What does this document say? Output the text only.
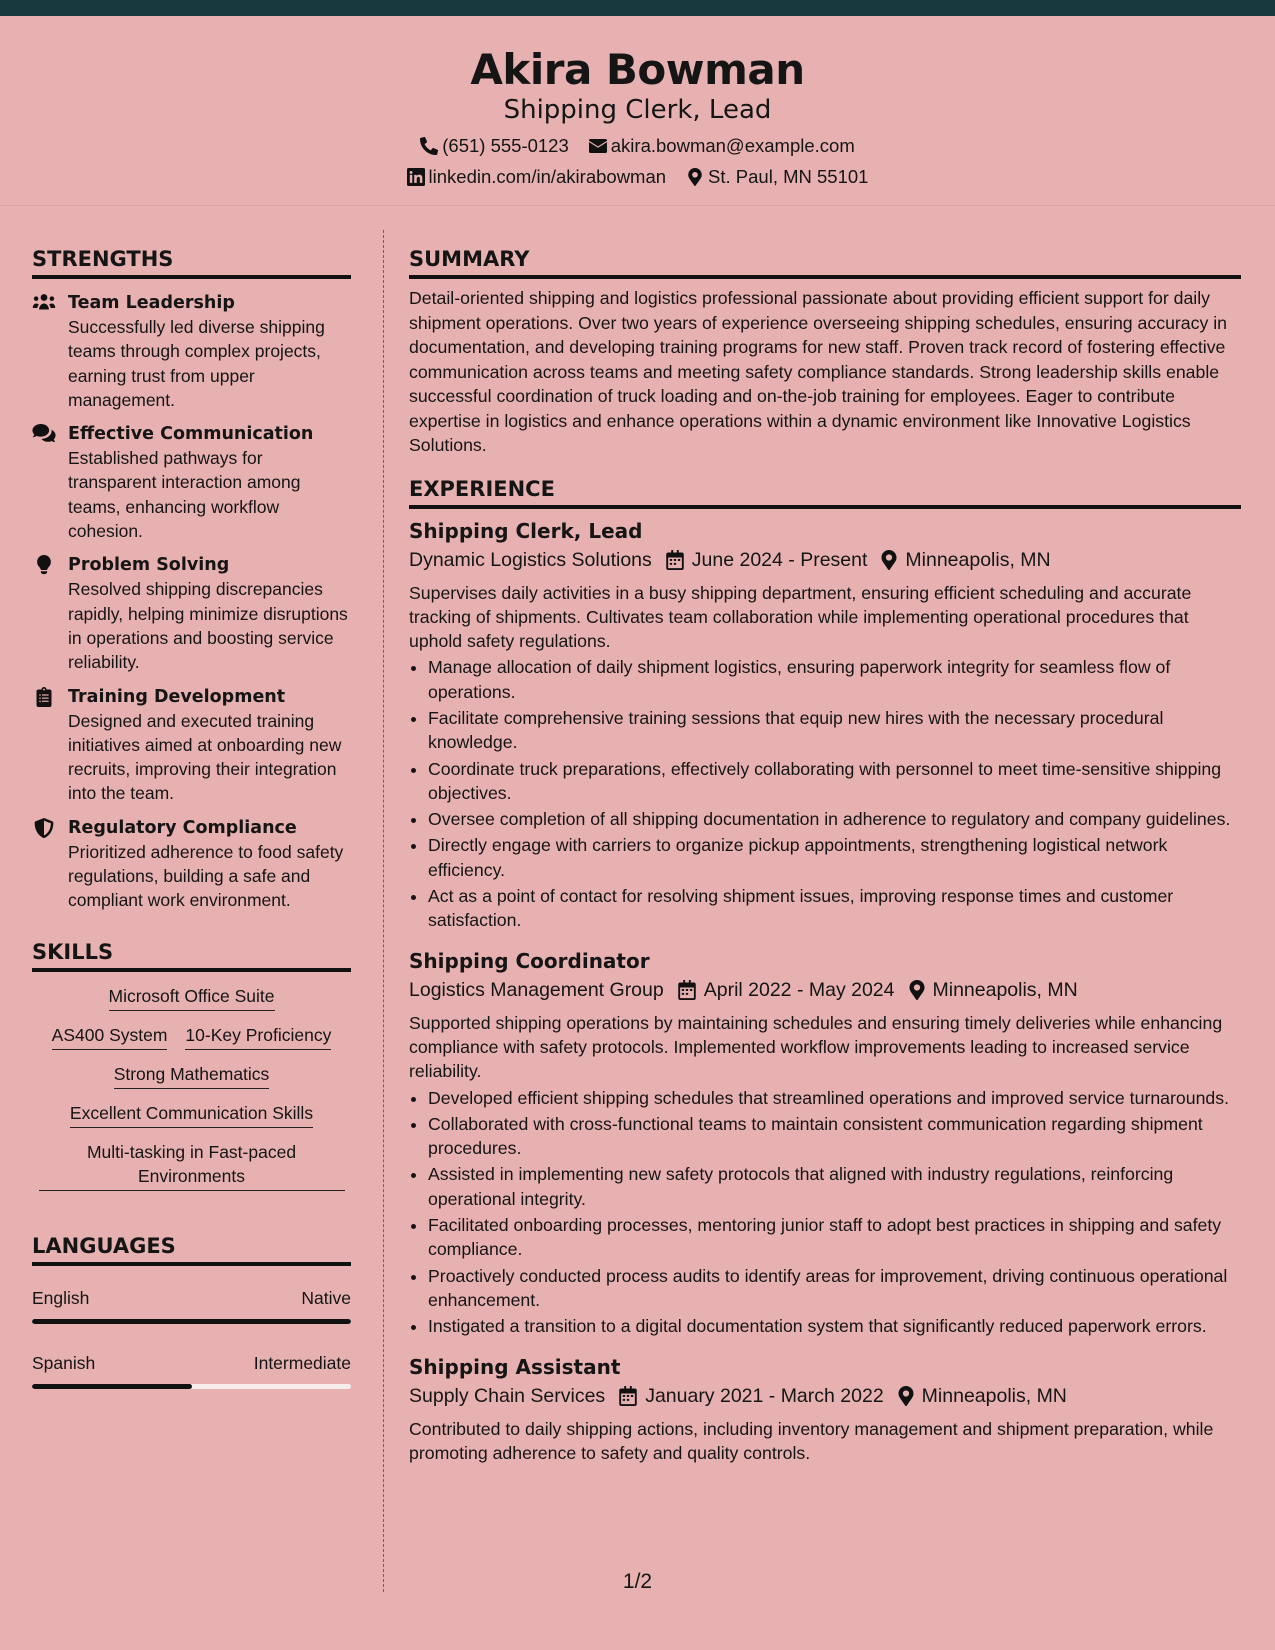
Akira Bowman
Shipping Clerk, Lead
(651) 555-0123 akira.bowman@example.com
linkedin.com/in/akirabowman St. Paul, MN 55101
STRENGTHS
Team Leadership
Successfully led diverse shipping teams through complex projects, earning trust from upper management.
Effective Communication
Established pathways for transparent interaction among teams, enhancing workflow cohesion.
Problem Solving
Resolved shipping discrepancies rapidly, helping minimize disruptions in operations and boosting service reliability.
Training Development
Designed and executed training initiatives aimed at onboarding new recruits, improving their integration into the team.
Regulatory Compliance
Prioritized adherence to food safety regulations, building a safe and compliant work environment.
SKILLS
Microsoft Office Suite
AS400 System 10-Key Proficiency
Strong Mathematics
Excellent Communication Skills
Multi-tasking in Fast-paced Environments
LANGUAGES
English	Native
Spanish	Intermediate
SUMMARY
Detail-oriented shipping and logistics professional passionate about providing efficient support for daily shipment operations. Over two years of experience overseeing shipping schedules, ensuring accuracy in documentation, and developing training programs for new staff. Proven track record of fostering effective communication across teams and meeting safety compliance standards. Strong leadership skills enable successful coordination of truck loading and on-the-job training for employees. Eager to contribute expertise in logistics and enhance operations within a dynamic environment like Innovative Logistics Solutions.
EXPERIENCE
Shipping Clerk, Lead
Dynamic Logistics Solutions June 2024 - Present Minneapolis, MN
Supervises daily activities in a busy shipping department, ensuring efficient scheduling and accurate tracking of shipments. Cultivates team collaboration while implementing operational procedures that uphold safety regulations.
• Manage allocation of daily shipment logistics, ensuring paperwork integrity for seamless flow of operations.
• Facilitate comprehensive training sessions that equip new hires with the necessary procedural knowledge.
• Coordinate truck preparations, effectively collaborating with personnel to meet time-sensitive shipping objectives.
• Oversee completion of all shipping documentation in adherence to regulatory and company guidelines.
• Directly engage with carriers to organize pickup appointments, strengthening logistical network efficiency.
• Act as a point of contact for resolving shipment issues, improving response times and customer satisfaction.
Shipping Coordinator
Logistics Management Group April 2022 - May 2024 Minneapolis, MN
Supported shipping operations by maintaining schedules and ensuring timely deliveries while enhancing compliance with safety protocols. Implemented workflow improvements leading to increased service reliability.
• Developed efficient shipping schedules that streamlined operations and improved service turnarounds.
• Collaborated with cross-functional teams to maintain consistent communication regarding shipment procedures.
• Assisted in implementing new safety protocols that aligned with industry regulations, reinforcing operational integrity.
• Facilitated onboarding processes, mentoring junior staff to adopt best practices in shipping and safety compliance.
• Proactively conducted process audits to identify areas for improvement, driving continuous operational enhancement.
• Instigated a transition to a digital documentation system that significantly reduced paperwork errors.
Shipping Assistant
Supply Chain Services January 2021 - March 2022 Minneapolis, MN
Contributed to daily shipping actions, including inventory management and shipment preparation, while promoting adherence to safety and quality controls.
1/2
